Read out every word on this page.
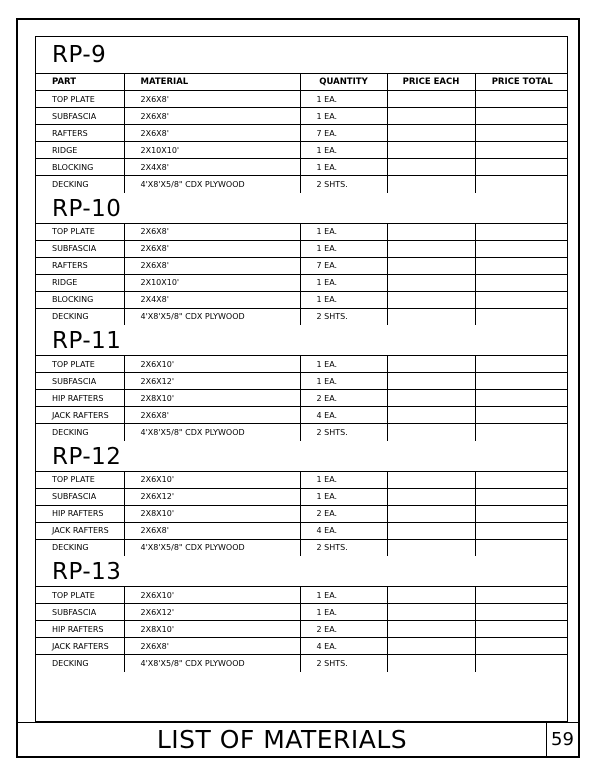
RP-9
PART	MATERIAL	QUANTITY	PRICE EACH	PRICE TOTAL
TOP PLATE	2X6X8'	1 EA.		
SUBFASCIA	2X6X8'	1 EA.		
RAFTERS	2X6X8'	7 EA.		
RIDGE	2X10X10'	1 EA.		
BLOCKING	2X4X8'	1 EA.		
DECKING	4'X8'X5/8" CDX PLYWOOD	2 SHTS.		
RP-10
TOP PLATE	2X6X8'	1 EA.		
SUBFASCIA	2X6X8'	1 EA.		
RAFTERS	2X6X8'	7 EA.		
RIDGE	2X10X10'	1 EA.		
BLOCKING	2X4X8'	1 EA.		
DECKING	4'X8'X5/8" CDX PLYWOOD	2 SHTS.		
RP-11
TOP PLATE	2X6X10'	1 EA.		
SUBFASCIA	2X6X12'	1 EA.		
HIP RAFTERS	2X8X10'	2 EA.		
JACK RAFTERS	2X6X8'	4 EA.		
DECKING	4'X8'X5/8" CDX PLYWOOD	2 SHTS.		
RP-12
TOP PLATE	2X6X10'	1 EA.		
SUBFASCIA	2X6X12'	1 EA.		
HIP RAFTERS	2X8X10'	2 EA.		
JACK RAFTERS	2X6X8'	4 EA.		
DECKING	4'X8'X5/8" CDX PLYWOOD	2 SHTS.		
RP-13
TOP PLATE	2X6X10'	1 EA.		
SUBFASCIA	2X6X12'	1 EA.		
HIP RAFTERS	2X8X10'	2 EA.		
JACK RAFTERS	2X6X8'	4 EA.		
DECKING	4'X8'X5/8" CDX PLYWOOD	2 SHTS.		
LIST OF MATERIALS	59
